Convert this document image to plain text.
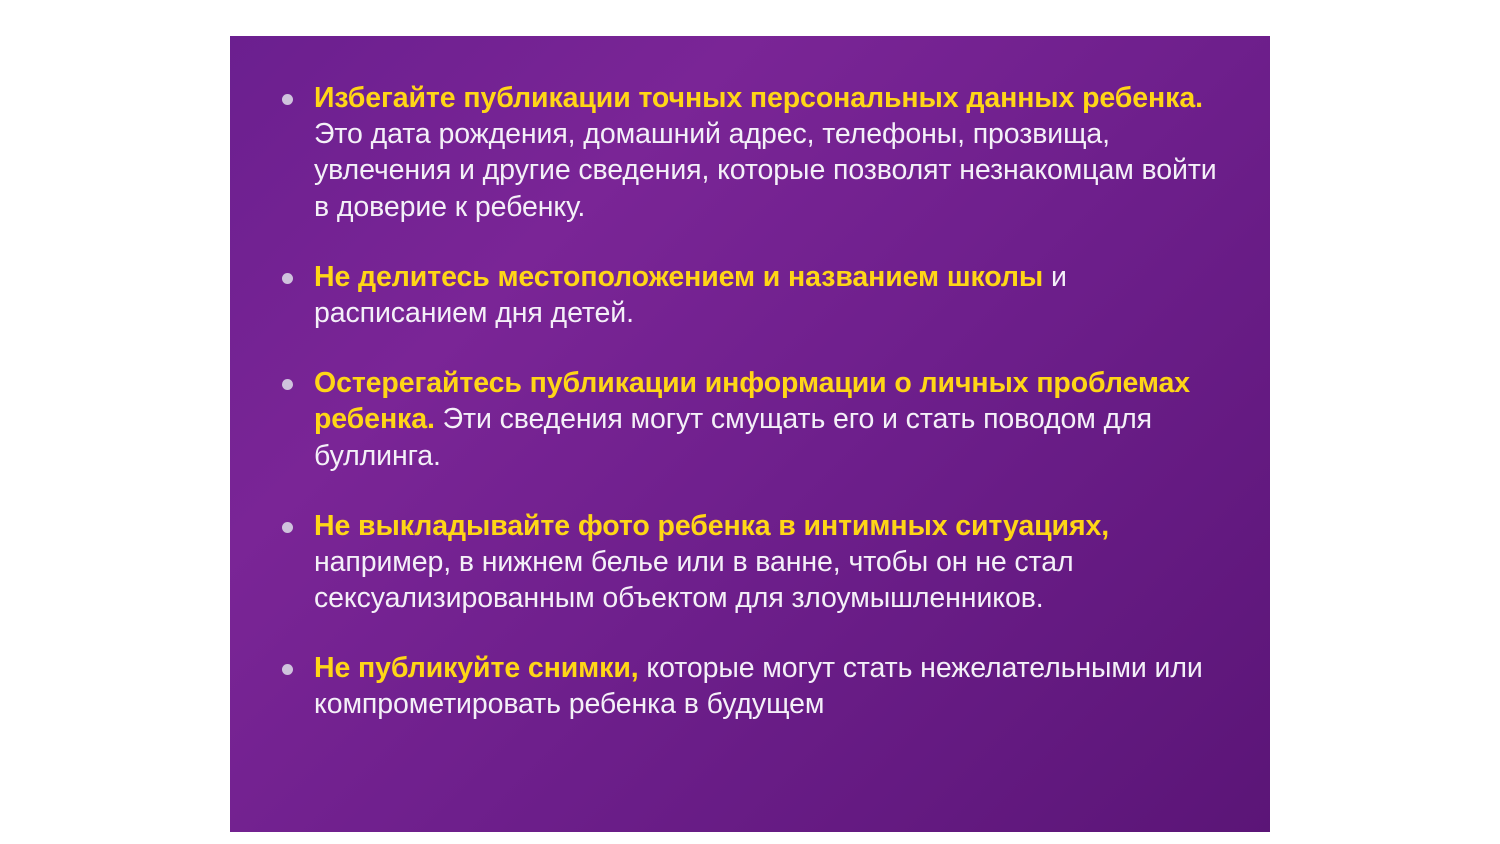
Избегайте публикации точных персональных данных ребенка. Это дата рождения, домашний адрес, телефоны, прозвища, увлечения и другие сведения, которые позволят незнакомцам войти в доверие к ребенку.
Не делитесь местоположением и названием школы и расписанием дня детей.
Остерегайтесь публикации информации о личных проблемах ребенка. Эти сведения могут смущать его и стать поводом для буллинга.
Не выкладывайте фото ребенка в интимных ситуациях, например, в нижнем белье или в ванне, чтобы он не стал сексуализированным объектом для злоумышленников.
Не публикуйте снимки, которые могут стать нежелательными или компрометировать ребенка в будущем
